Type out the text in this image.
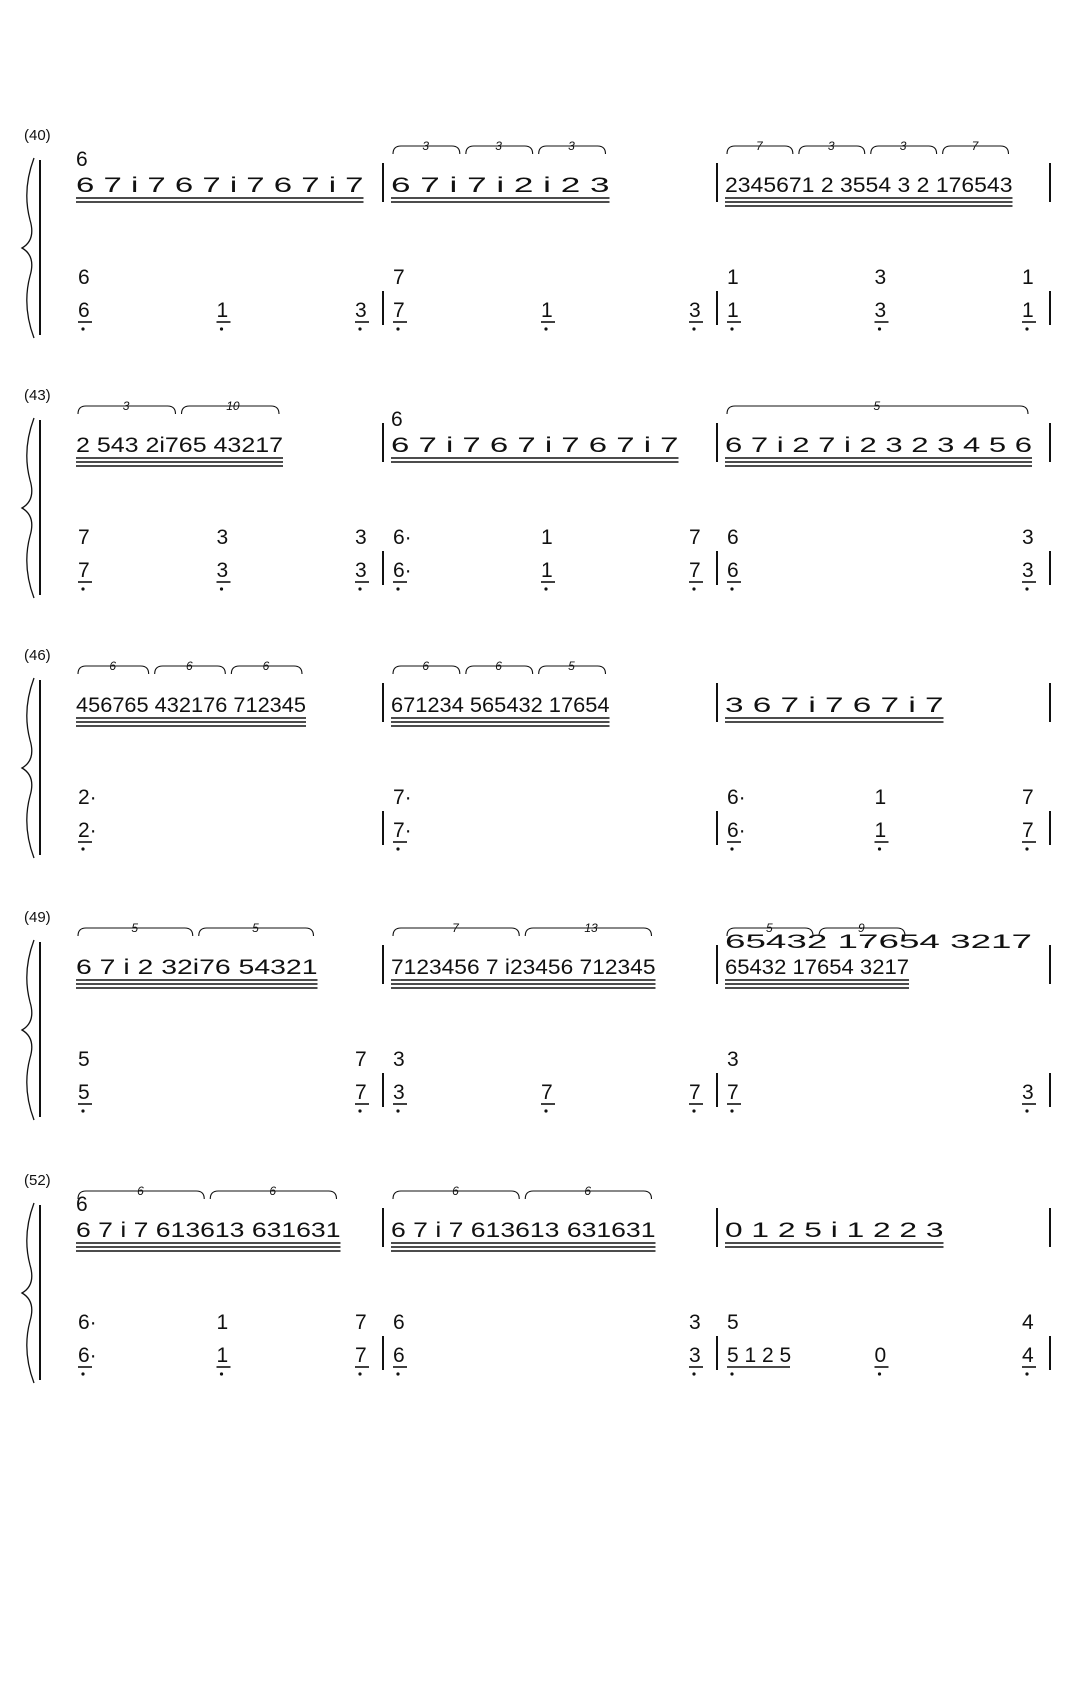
(40)
6
6 7 i 7 6 7 i 7 6 7 i 7
6
6	1	3
6 7 i 7 i 2 i 2 3
3	3	3
7
7	1	3
2345671 2 3554 3 2 176543
7	3	3	7
1	3	1
1	3	1
(43)
2 543 2i765 43217
3	10
7	3	3
7	3	3
6
6 7 i 7 6 7 i 7 6 7 i 7
6·	1	7
6·	1	7
6 7 i 2 7 i 2 3 2 3 4 5 6
5
6	3
6	3
(46)
456765 432176 712345
6	6	6
2·
2·
671234 565432 17654
6	6	5
7·
7·
3 6 7 i 7 6 7 i 7
6·	1	7
6·	1	7
(49)
6 7 i 2 32i76 54321
5	5
5	7
5	7
7123456 7 i23456 712345
7	13
3
3	7	7
65432 17654 3217
65432 17654 3217
5	9
3
7	3
(52)
6
6 7 i 7 613613 631631
6	6
6·	1	7
6·	1	7
6 7 i 7 613613 631631
6	6
6	3
6	3
0 1 2 5 i 1 2 2 3
5	4
5 1 2 5	0	4
